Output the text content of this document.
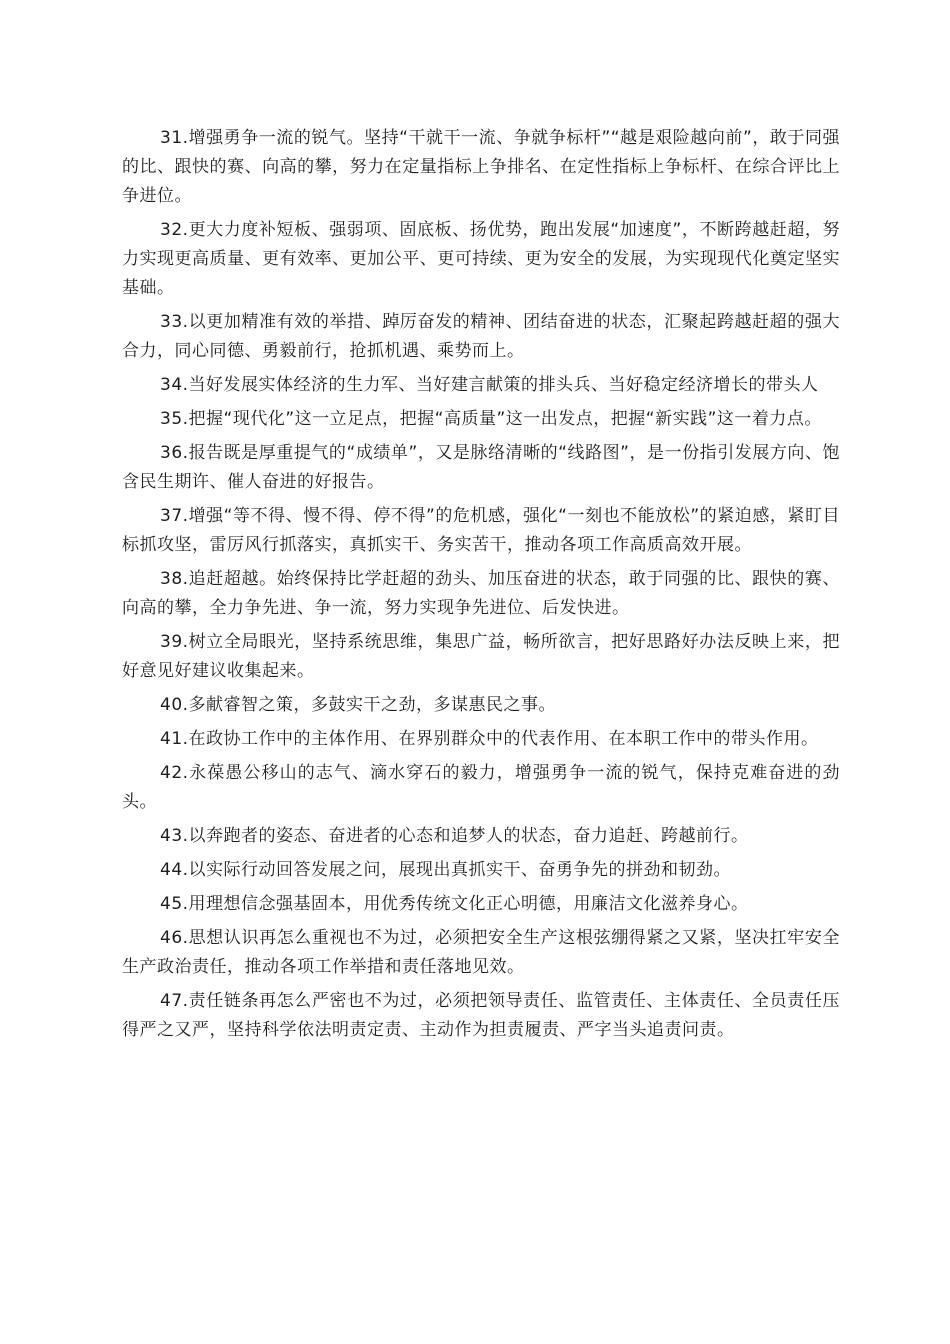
31.增强勇争一流的锐气。坚持“干就干一流、争就争标杆”“越是艰险越向前”，敢于同强的比、跟快的赛、向高的攀，努力在定量指标上争排名、在定性指标上争标杆、在综合评比上争进位。

32.更大力度补短板、强弱项、固底板、扬优势，跑出发展“加速度”，不断跨越赶超，努力实现更高质量、更有效率、更加公平、更可持续、更为安全的发展，为实现现代化奠定坚实基础。

33.以更加精准有效的举措、踔厉奋发的精神、团结奋进的状态，汇聚起跨越赶超的强大合力，同心同德、勇毅前行，抢抓机遇、乘势而上。

34.当好发展实体经济的生力军、当好建言献策的排头兵、当好稳定经济增长的带头人

35.把握“现代化”这一立足点，把握“高质量”这一出发点，把握“新实践”这一着力点。

36.报告既是厚重提气的“成绩单”，又是脉络清晰的“线路图”，是一份指引发展方向、饱含民生期许、催人奋进的好报告。

37.增强“等不得、慢不得、停不得”的危机感，强化“一刻也不能放松”的紧迫感，紧盯目标抓攻坚，雷厉风行抓落实，真抓实干、务实苦干，推动各项工作高质高效开展。

38.追赶超越。始终保持比学赶超的劲头、加压奋进的状态，敢于同强的比、跟快的赛、向高的攀，全力争先进、争一流，努力实现争先进位、后发快进。

39.树立全局眼光，坚持系统思维，集思广益，畅所欲言，把好思路好办法反映上来，把好意见好建议收集起来。

40.多献睿智之策，多鼓实干之劲，多谋惠民之事。

41.在政协工作中的主体作用、在界别群众中的代表作用、在本职工作中的带头作用。

42.永葆愚公移山的志气、滴水穿石的毅力，增强勇争一流的锐气，保持克难奋进的劲头。

43.以奔跑者的姿态、奋进者的心态和追梦人的状态，奋力追赶、跨越前行。

44.以实际行动回答发展之问，展现出真抓实干、奋勇争先的拼劲和韧劲。

45.用理想信念强基固本，用优秀传统文化正心明德，用廉洁文化滋养身心。

46.思想认识再怎么重视也不为过，必须把安全生产这根弦绷得紧之又紧，坚决扛牢安全生产政治责任，推动各项工作举措和责任落地见效。

47.责任链条再怎么严密也不为过，必须把领导责任、监管责任、主体责任、全员责任压得严之又严，坚持科学依法明责定责、主动作为担责履责、严字当头追责问责。
